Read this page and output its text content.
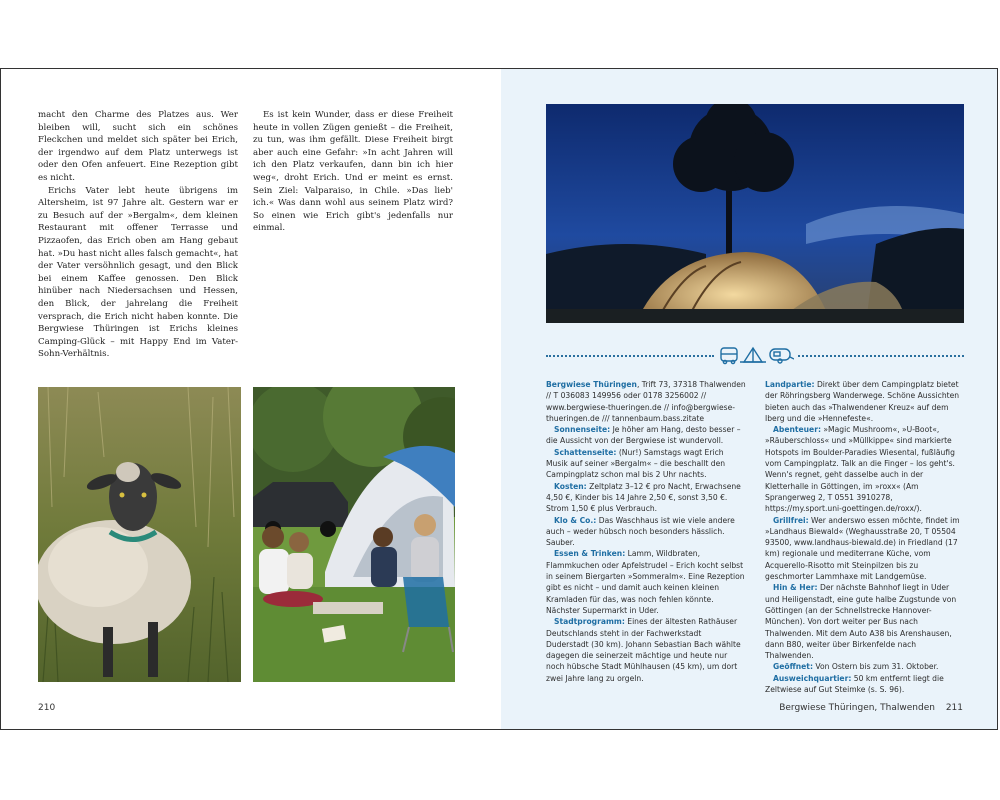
macht den Charme des Platzes aus. Wer bleiben will, sucht sich ein schönes Fleckchen und meldet sich später bei Erich, der irgendwo auf dem Platz unterwegs ist oder den Ofen anfeuert. Eine Rezeption gibt es nicht.

Erichs Vater lebt heute übrigens im Altersheim, ist 97 Jahre alt. Gestern war er zu Besuch auf der »Bergalm«, dem kleinen Restaurant mit offener Terrasse und Pizzaofen, das Erich oben am Hang gebaut hat. »Du hast nicht alles falsch gemacht«, hat der Vater versöhnlich gesagt, und den Blick bei einem Kaffee genossen. Den Blick hinüber nach Niedersachsen und Hessen, den Blick, der jahrelang die Freiheit versprach, die Erich nicht haben konnte. Die Bergwiese Thüringen ist Erichs kleines Camping-Glück – mit Happy End im Vater-Sohn-Verhältnis.

Es ist kein Wunder, dass er diese Freiheit heute in vollen Zügen genießt – die Freiheit, zu tun, was ihm gefällt. Diese Freiheit birgt aber auch eine Gefahr: »In acht Jahren will ich den Platz verkaufen, dann bin ich hier weg«, droht Erich. Und er meint es ernst. Sein Ziel: Valparaiso, in Chile. »Das lieb' ich.« Was dann wohl aus seinem Platz wird? So einen wie Erich gibt's jedenfalls nur einmal.

210

Bergwiese Thüringen, Trift 73, 37318 Thalwenden // T 036083 149956 oder 0178 3256002 // www.bergwiese-thueringen.de // info@bergwiese-thueringen.de /// tannenbaum.bass.zitate

Sonnenseite: Je höher am Hang, desto besser – die Aussicht von der Bergwiese ist wundervoll.

Schattenseite: (Nur!) Samstags wagt Erich Musik auf seiner »Bergalm« – die beschallt den Campingplatz schon mal bis 2 Uhr nachts.

Kosten: Zeltplatz 3–12 € pro Nacht, Erwachsene 4,50 €, Kinder bis 14 Jahre 2,50 €, sonst 3,50 €. Strom 1,50 € plus Verbrauch.

Klo & Co.: Das Waschhaus ist wie viele andere auch – weder hübsch noch besonders hässlich. Sauber.

Essen & Trinken: Lamm, Wildbraten, Flammkuchen oder Apfelstrudel – Erich kocht selbst in seinem Biergarten »Sommeralm«. Eine Rezeption gibt es nicht – und damit auch keinen kleinen Kramladen für das, was noch fehlen könnte. Nächster Supermarkt in Uder.

Stadtprogramm: Eines der ältesten Rathäuser Deutschlands steht in der Fachwerkstadt Duderstadt (30 km). Johann Sebastian Bach wählte dagegen die seinerzeit mächtige und heute nur noch hübsche Stadt Mühlhausen (45 km), um dort zwei Jahre lang zu orgeln.

Landpartie: Direkt über dem Campingplatz bietet der Röhringsberg Wanderwege. Schöne Aussichten bieten auch das »Thalwendener Kreuz« auf dem Iberg und die »Hennefeste«.

Abenteuer: »Magic Mushroom«, »U-Boot«, »Räuberschloss« und »Müllkippe« sind markierte Hotspots im Boulder-Paradies Wiesental, fußläufig vom Campingplatz. Talk an die Finger – los geht's. Wenn's regnet, geht dasselbe auch in der Kletterhalle in Göttingen, im »roxx« (Am Sprangerweg 2, T 0551 3910278, https://my.sport.uni-goettingen.de/roxx/).

Grillfrei: Wer anderswo essen möchte, findet im »Landhaus Biewald« (Weghausstraße 20, T 05504 93500, www.landhaus-biewald.de) in Friedland (17 km) regionale und mediterrane Küche, vom Acquerello-Risotto mit Steinpilzen bis zu geschmorter Lammhaxe mit Landgemüse.

Hin & Her: Der nächste Bahnhof liegt in Uder und Heiligenstadt, eine gute halbe Zugstunde von Göttingen (an der Schnellstrecke Hannover-München). Von dort weiter per Bus nach Thalwenden. Mit dem Auto A38 bis Arenshausen, dann B80, weiter über Birkenfelde nach Thalwenden.

Geöffnet: Von Ostern bis zum 31. Oktober.

Ausweichquartier: 50 km entfernt liegt die Zeltwiese auf Gut Steimke (s. S. 96).

Bergwiese Thüringen, Thalwenden 211
